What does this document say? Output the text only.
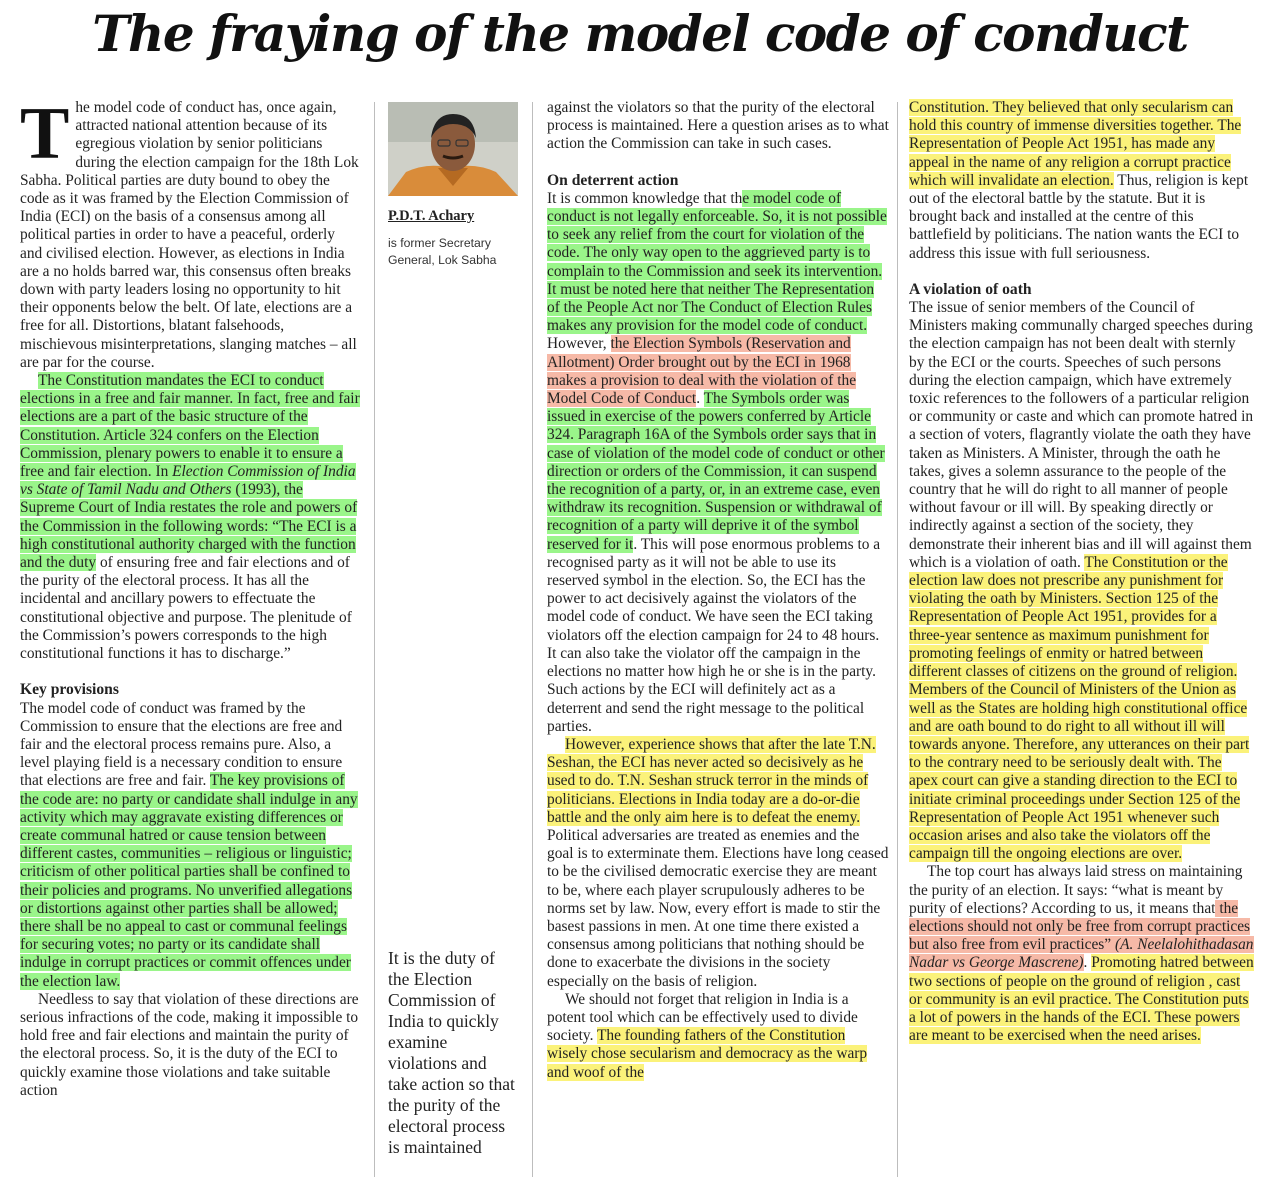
The fraying of the model code of conduct

The model code of conduct has, once again, attracted national attention because of its egregious violation by senior politicians during the election campaign for the 18th Lok Sabha. Political parties are duty bound to obey the code as it was framed by the Election Commission of India (ECI) on the basis of a consensus among all political parties in order to have a peaceful, orderly and civilised election. However, as elections in India are a no holds barred war, this consensus often breaks down with party leaders losing no opportunity to hit their opponents below the belt. Of late, elections are a free for all. Distortions, blatant falsehoods, mischievous misinterpretations, slanging matches – all are par for the course.

The Constitution mandates the ECI to conduct elections in a free and fair manner. In fact, free and fair elections are a part of the basic structure of the Constitution. Article 324 confers on the Election Commission, plenary powers to enable it to ensure a free and fair election. In Election Commission of India vs State of Tamil Nadu and Others (1993), the Supreme Court of India restates the role and powers of the Commission in the following words: “The ECI is a high constitutional authority charged with the function and the duty of ensuring free and fair elections and of the purity of the electoral process. It has all the incidental and ancillary powers to effectuate the constitutional objective and purpose. The plenitude of the Commission’s powers corresponds to the high constitutional functions it has to discharge.”

Key provisions

The model code of conduct was framed by the Commission to ensure that the elections are free and fair and the electoral process remains pure. Also, a level playing field is a necessary condition to ensure that elections are free and fair. The key provisions of the code are: no party or candidate shall indulge in any activity which may aggravate existing differences or create communal hatred or cause tension between different castes, communities – religious or linguistic; criticism of other political parties shall be confined to their policies and programs. No unverified allegations or distortions against other parties shall be allowed; there shall be no appeal to cast or communal feelings for securing votes; no party or its candidate shall indulge in corrupt practices or commit offences under the election law.

Needless to say that violation of these directions are serious infractions of the code, making it impossible to hold free and fair elections and maintain the purity of the electoral process. So, it is the duty of the ECI to quickly examine those violations and take suitable action

P.D.T. Achary
is former Secretary General, Lok Sabha
It is the duty of the Election Commission of India to quickly examine violations and take action so that the purity of the electoral process is maintained

against the violators so that the purity of the electoral process is maintained. Here a question arises as to what action the Commission can take in such cases.

On deterrent action

It is common knowledge that the model code of conduct is not legally enforceable. So, it is not possible to seek any relief from the court for violation of the code. The only way open to the aggrieved party is to complain to the Commission and seek its intervention. It must be noted here that neither The Representation of the People Act nor The Conduct of Election Rules makes any provision for the model code of conduct. However, the Election Symbols (Reservation and Allotment) Order brought out by the ECI in 1968 makes a provision to deal with the violation of the Model Code of Conduct. The Symbols order was issued in exercise of the powers conferred by Article 324. Paragraph 16A of the Symbols order says that in case of violation of the model code of conduct or other direction or orders of the Commission, it can suspend the recognition of a party, or, in an extreme case, even withdraw its recognition. Suspension or withdrawal of recognition of a party will deprive it of the symbol reserved for it. This will pose enormous problems to a recognised party as it will not be able to use its reserved symbol in the election. So, the ECI has the power to act decisively against the violators of the model code of conduct. We have seen the ECI taking violators off the election campaign for 24 to 48 hours. It can also take the violator off the campaign in the elections no matter how high he or she is in the party. Such actions by the ECI will definitely act as a deterrent and send the right message to the political parties.

However, experience shows that after the late T.N. Seshan, the ECI has never acted so decisively as he used to do. T.N. Seshan struck terror in the minds of politicians. Elections in India today are a do-or-die battle and the only aim here is to defeat the enemy. Political adversaries are treated as enemies and the goal is to exterminate them. Elections have long ceased to be the civilised democratic exercise they are meant to be, where each player scrupulously adheres to be norms set by law. Now, every effort is made to stir the basest passions in men. At one time there existed a consensus among politicians that nothing should be done to exacerbate the divisions in the society especially on the basis of religion.

We should not forget that religion in India is a potent tool which can be effectively used to divide society. The founding fathers of the Constitution wisely chose secularism and democracy as the warp and woof of the

Constitution. They believed that only secularism can hold this country of immense diversities together. The Representation of People Act 1951, has made any appeal in the name of any religion a corrupt practice which will invalidate an election. Thus, religion is kept out of the electoral battle by the statute. But it is brought back and installed at the centre of this battlefield by politicians. The nation wants the ECI to address this issue with full seriousness.

A violation of oath

The issue of senior members of the Council of Ministers making communally charged speeches during the election campaign has not been dealt with sternly by the ECI or the courts. Speeches of such persons during the election campaign, which have extremely toxic references to the followers of a particular religion or community or caste and which can promote hatred in a section of voters, flagrantly violate the oath they have taken as Ministers. A Minister, through the oath he takes, gives a solemn assurance to the people of the country that he will do right to all manner of people without favour or ill will. By speaking directly or indirectly against a section of the society, they demonstrate their inherent bias and ill will against them which is a violation of oath. The Constitution or the election law does not prescribe any punishment for violating the oath by Ministers. Section 125 of the Representation of People Act 1951, provides for a three-year sentence as maximum punishment for promoting feelings of enmity or hatred between different classes of citizens on the ground of religion. Members of the Council of Ministers of the Union as well as the States are holding high constitutional office and are oath bound to do right to all without ill will towards anyone. Therefore, any utterances on their part to the contrary need to be seriously dealt with. The apex court can give a standing direction to the ECI to initiate criminal proceedings under Section 125 of the Representation of People Act 1951 whenever such occasion arises and also take the violators off the campaign till the ongoing elections are over.

The top court has always laid stress on maintaining the purity of an election. It says: “what is meant by purity of elections? According to us, it means that the elections should not only be free from corrupt practices but also free from evil practices” (A. Neelalohithadasan Nadar vs George Mascrene). Promoting hatred between two sections of people on the ground of religion , cast or community is an evil practice. The Constitution puts a lot of powers in the hands of the ECI. These powers are meant to be exercised when the need arises.
